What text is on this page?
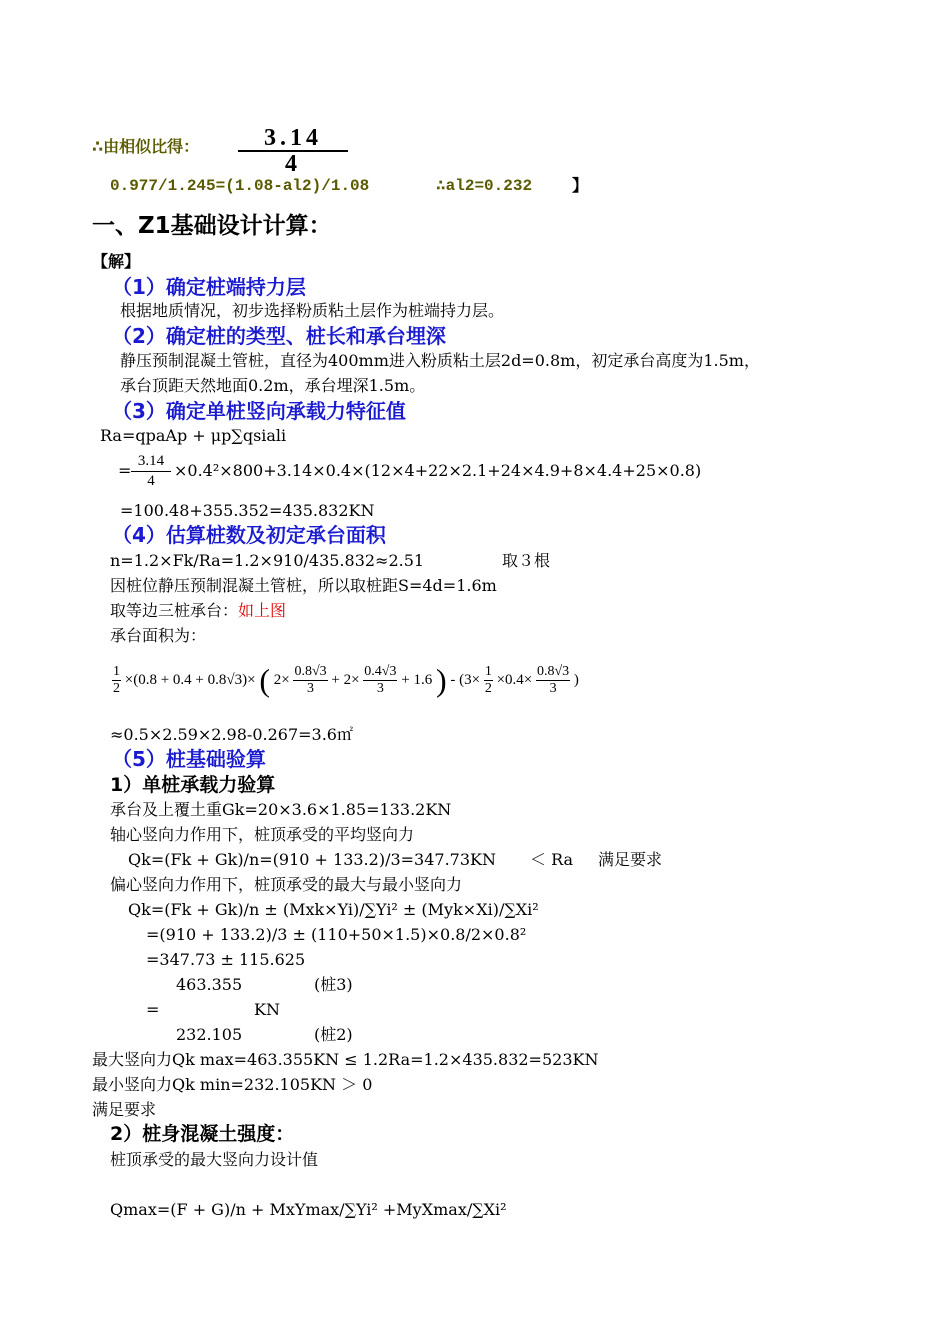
∴由相似比得： $\frac{3.14}{4}$
0.977/1.245=(1.08-al2)/1.08	∴al2=0.232 】
一、Z1基础设计计算：
【解】
（1）确定桩端持力层
根据地质情况，初步选择粉质粘土层作为桩端持力层。
（2）确定桩的类型、桩长和承台埋深
静压预制混凝土管桩，直径为400mm进入粉质粘土层2d=0.8m，初定承台高度为1.5m，
承台顶距天然地面0.2m，承台埋深1.5m。
（3）确定单桩竖向承载力特征值
Ra=qpaAp + μp∑qsiali
= $\frac{3.14}{4} \times 0.4^2\times 800+3.14\times 0.4\times(12\times 4+22\times 2.1+24\times 4.9+8\times 4.4+25\times 0.8)$
=100.48+355.352=435.832KN
（4）估算桩数及初定承台面积
n=1.2×Fk/Ra=1.2×910/435.832≈2.51	取３根
因桩位静压预制混凝土管桩，所以取桩距S=4d=1.6m
取等边三桩承台：如上图
承台面积为：
$\frac{1}{2} \times(0.8 + 0.4 + 0.8√3)\times$ ( $2\times \frac{0.8√3}{3} + 2\times \frac{0.4√3}{3} + 1.6$ ) - ($3\times \frac{1}{2} \times 0.4\times \frac{0.8√3}{3}$ )
≈0.5×2.59×2.98-0.267=3.6㎡
（5）桩基础验算
1）单桩承载力验算
承台及上覆土重Gk=20×3.6×1.85=133.2KN
轴心竖向力作用下，桩顶承受的平均竖向力
Qk=(Fk + Gk)/n=(910 + 133.2)/3=347.73KN ＜ Ra 满足要求
偏心竖向力作用下，桩顶承受的最大与最小竖向力
Qk=(Fk + Gk)/n ± (Mxk×Yi)/∑Yi² ± (Myk×Xi)/∑Xi²
=(910 + 133.2)/3 ± (110+50×1.5)×0.8/2×0.8²
=347.73 ± 115.625
463.355	(桩3)
=	KN
232.105	(桩2)
最大竖向力Qk max=463.355KN ≤ 1.2Ra=1.2×435.832=523KN
最小竖向力Qk min=232.105KN ＞ 0
满足要求
2）桩身混凝土强度：
桩顶承受的最大竖向力设计值
Qmax=(F + G)/n + MxYmax/∑Yi² +MyXmax/∑Xi²
